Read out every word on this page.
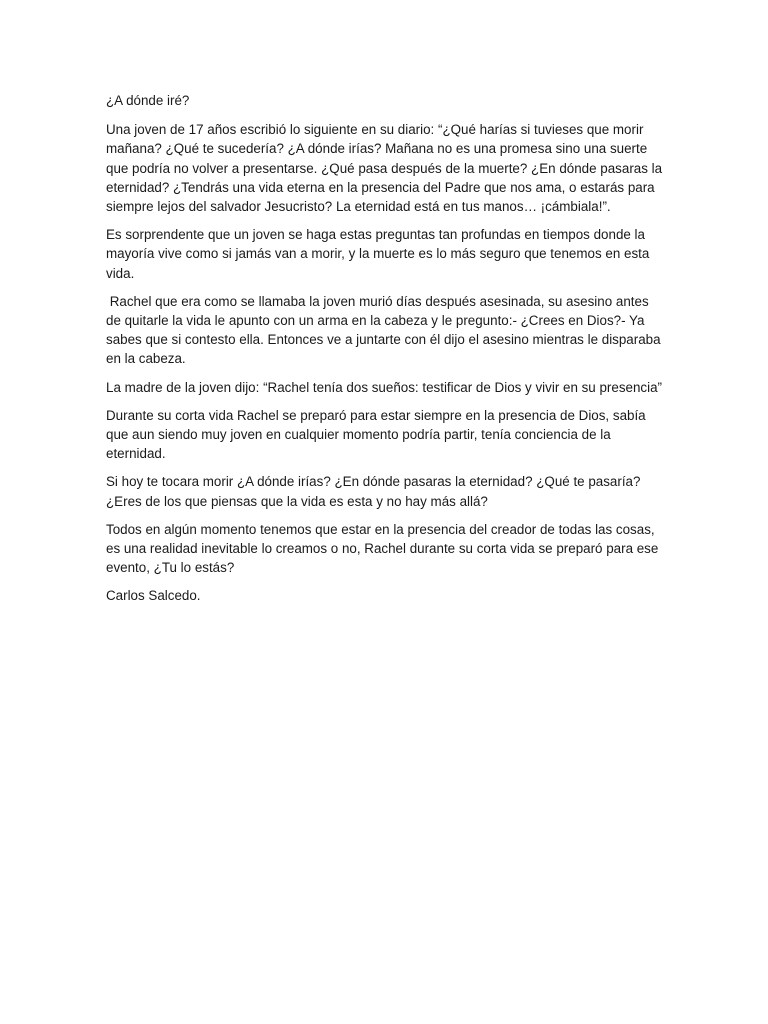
¿A dónde iré?

Una joven de 17 años escribió lo siguiente en su diario: “¿Qué harías si tuvieses que morir mañana? ¿Qué te sucedería? ¿A dónde irías? Mañana no es una promesa sino una suerte que podría no volver a presentarse. ¿Qué pasa después de la muerte? ¿En dónde pasaras la eternidad? ¿Tendrás una vida eterna en la presencia del Padre que nos ama, o estarás para siempre lejos del salvador Jesucristo? La eternidad está en tus manos… ¡cámbiala!”.

Es sorprendente que un joven se haga estas preguntas tan profundas en tiempos donde la mayoría vive como si jamás van a morir, y la muerte es lo más seguro que tenemos en esta vida.

Rachel que era como se llamaba la joven murió días después asesinada, su asesino antes de quitarle la vida le apunto con un arma en la cabeza y le pregunto:- ¿Crees en Dios?- Ya sabes que si contesto ella. Entonces ve a juntarte con él dijo el asesino mientras le disparaba en la cabeza.

La madre de la joven dijo: “Rachel tenía dos sueños: testificar de Dios y vivir en su presencia”

Durante su corta vida Rachel se preparó para estar siempre en la presencia de Dios, sabía que aun siendo muy joven en cualquier momento podría partir, tenía conciencia de la eternidad.

Si hoy te tocara morir ¿A dónde irías? ¿En dónde pasaras la eternidad? ¿Qué te pasaría? ¿Eres de los que piensas que la vida es esta y no hay más allá?

Todos en algún momento tenemos que estar en la presencia del creador de todas las cosas, es una realidad inevitable lo creamos o no, Rachel durante su corta vida se preparó para ese evento, ¿Tu lo estás?

Carlos Salcedo.
